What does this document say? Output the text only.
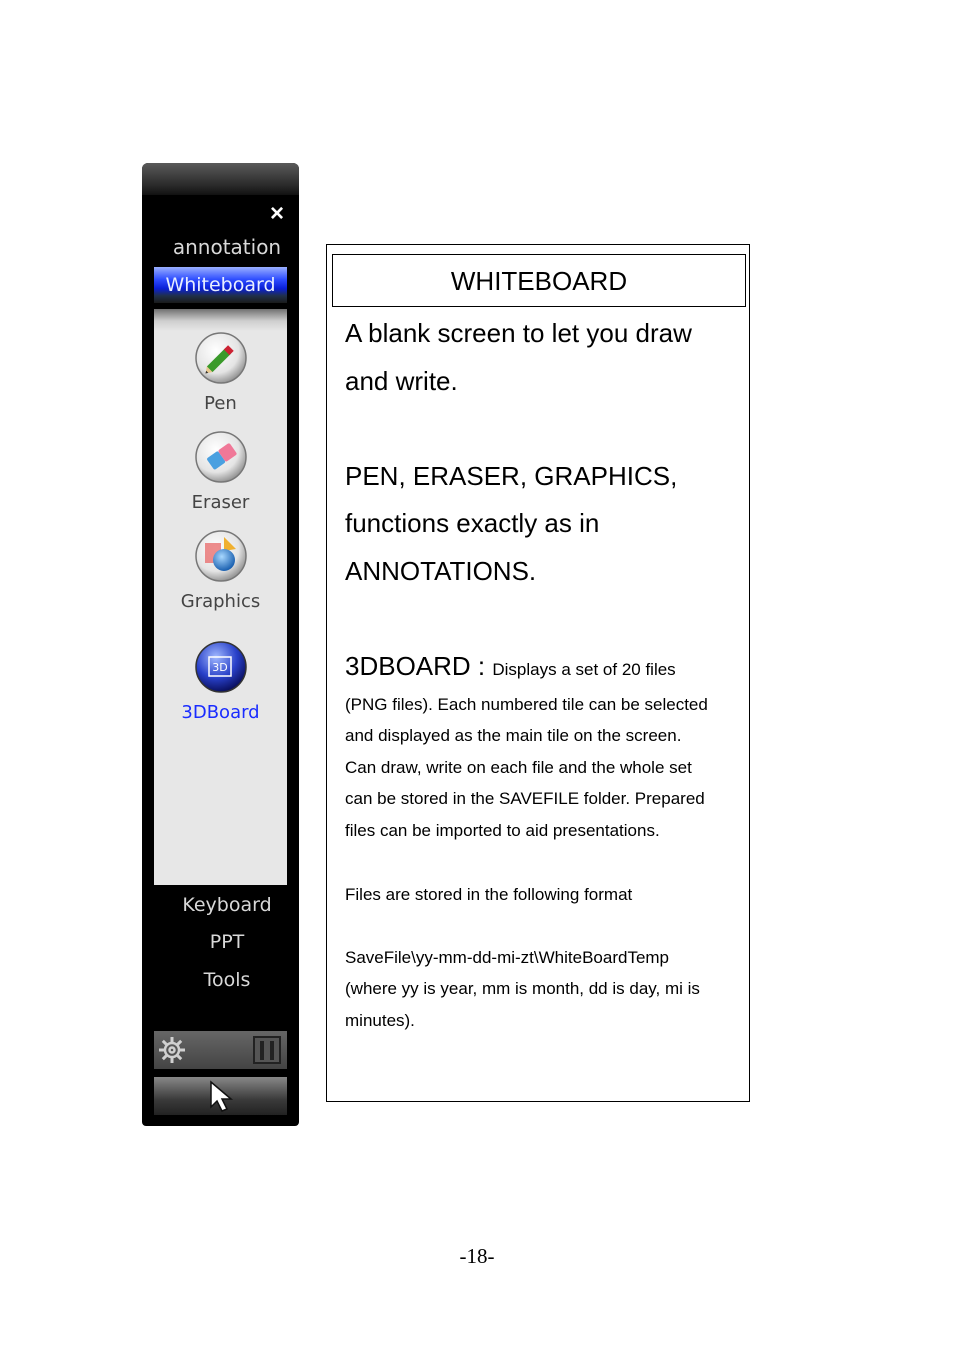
×
annotation
Whiteboard
Pen
Eraser
Graphics
3D
3DBoard
Keyboard
PPT
Tools
WHITEBOARD

A blank screen to let you draw

and write.

PEN, ERASER, GRAPHICS,

functions exactly as in

ANNOTATIONS.

3DBOARD : Displays a set of 20 files

(PNG files). Each numbered tile can be selected

and displayed as the main tile on the screen.

Can draw, write on each file and the whole set

can be stored in the SAVEFILE folder. Prepared

files can be imported to aid presentations.

Files are stored in the following format

SaveFile\yy-mm-dd-mi-zt\WhiteBoardTemp

(where yy is year, mm is month, dd is day, mi is

minutes).

-18-
